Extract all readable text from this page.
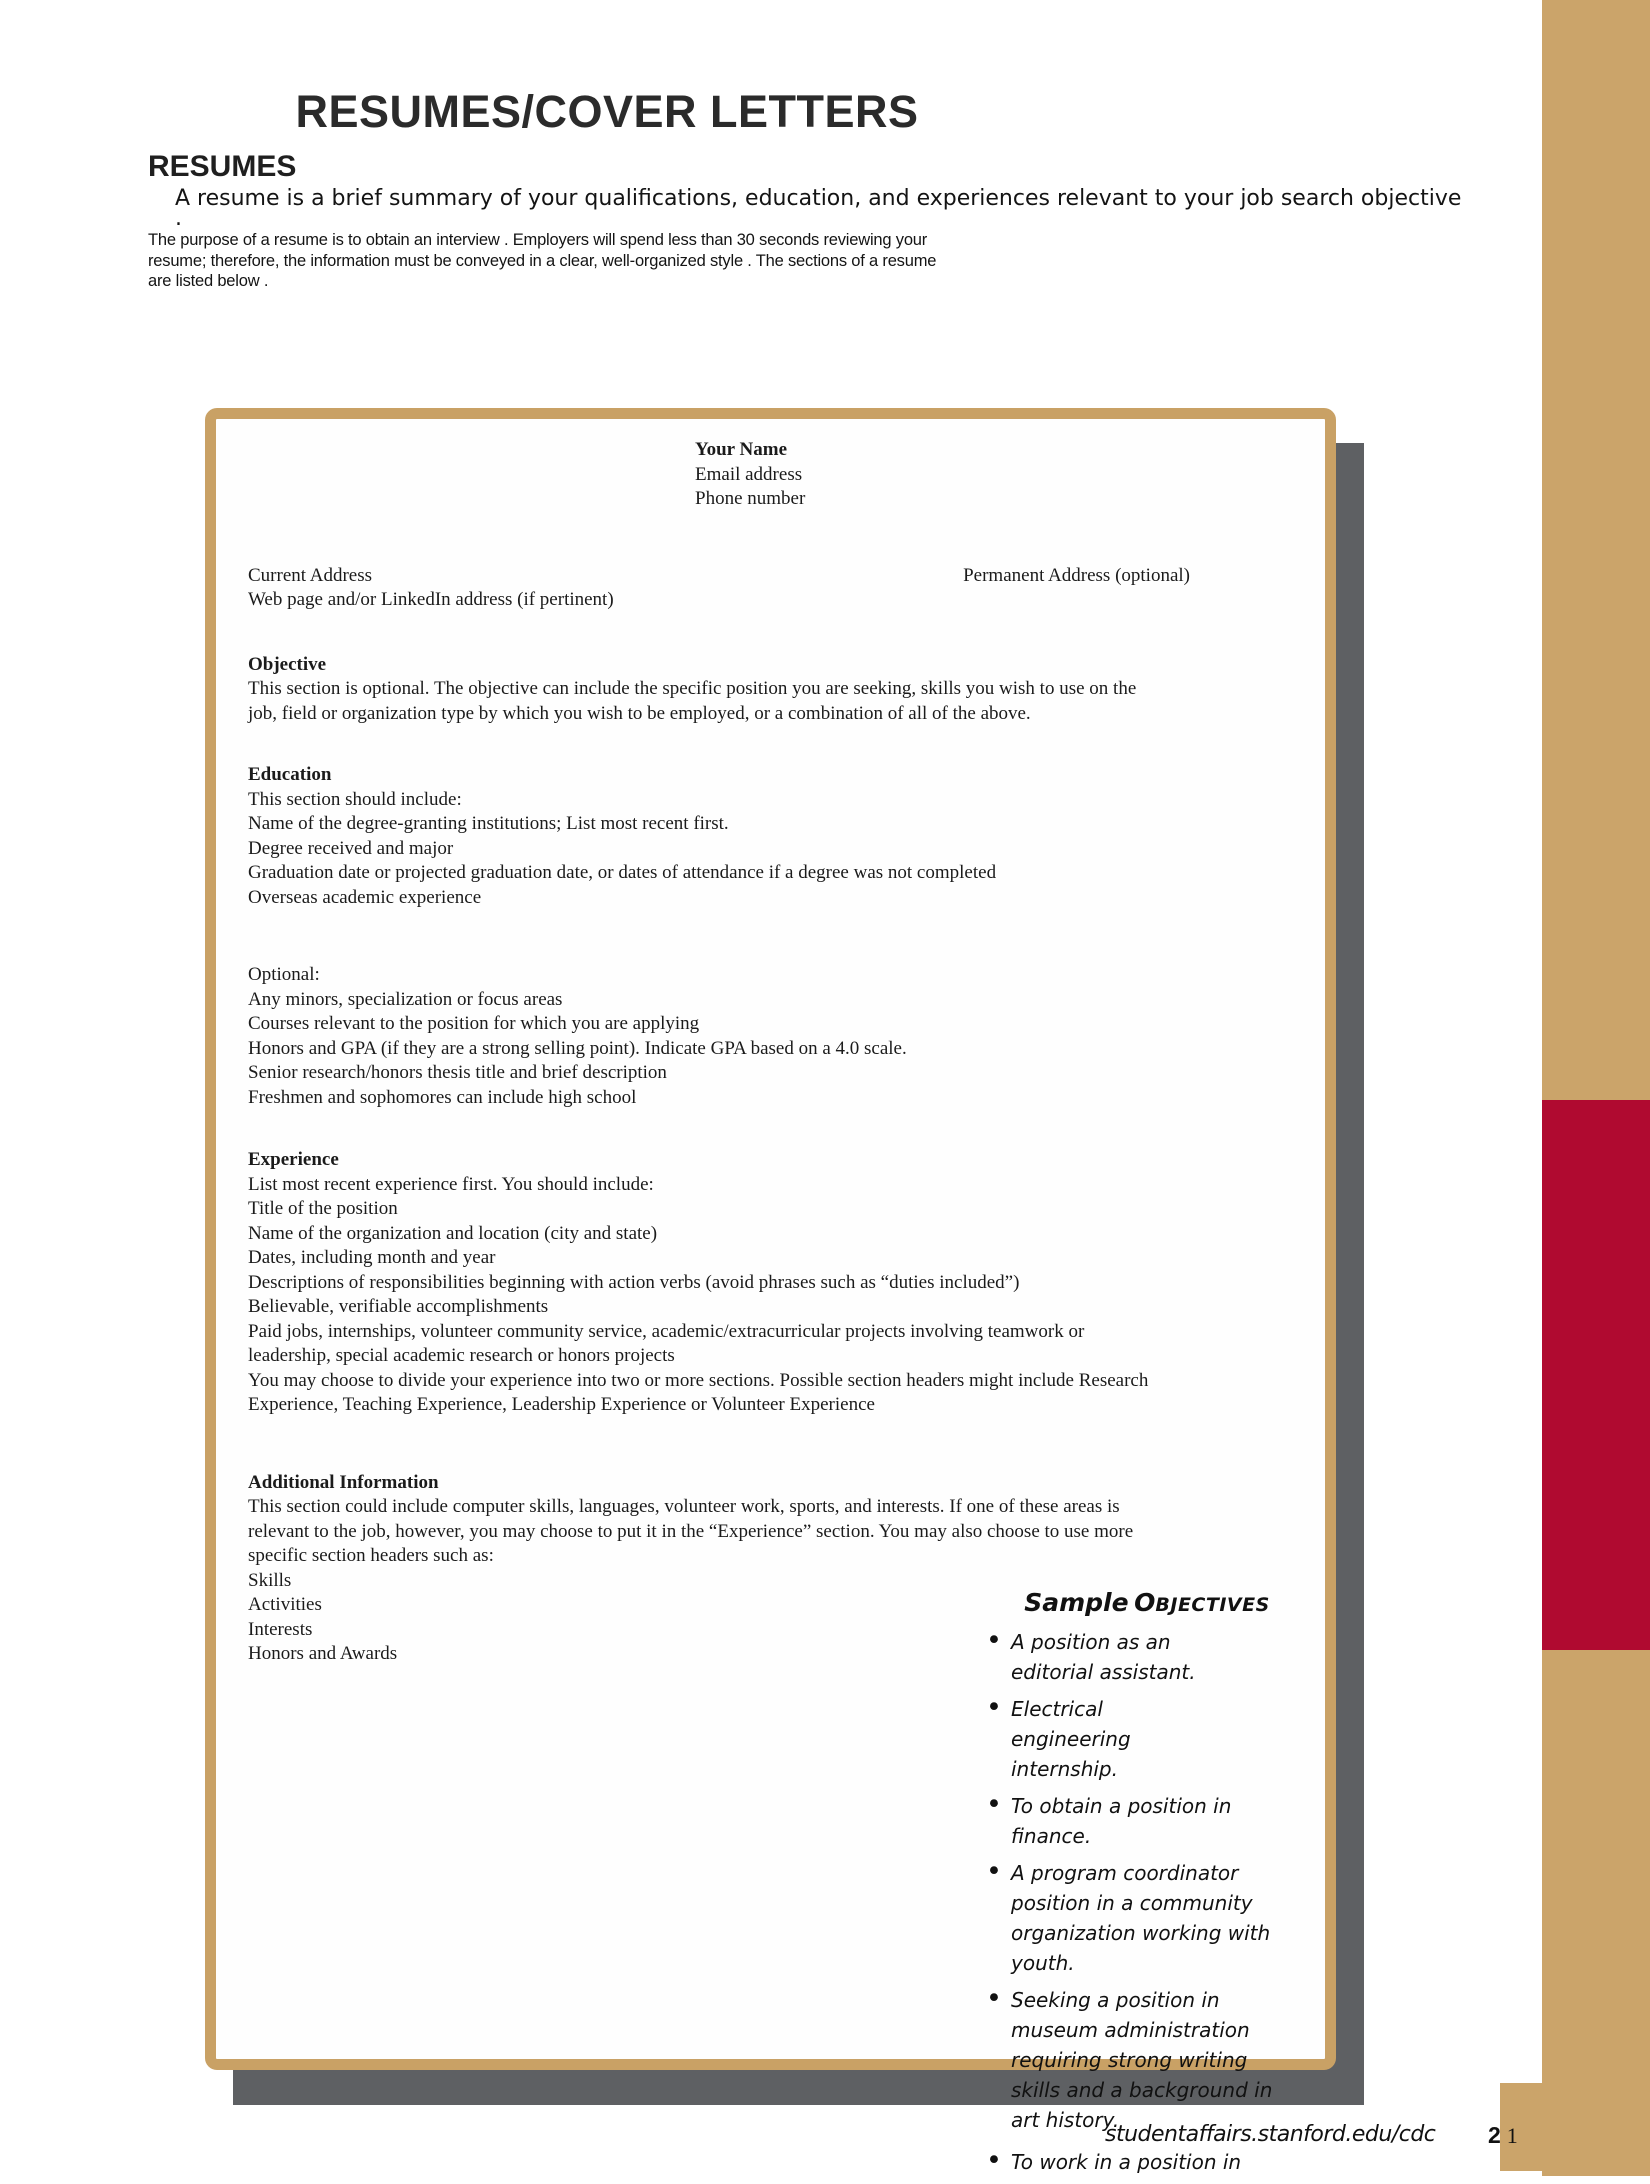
RESUMES/COVER LETTERS
RESUMES
A resume is a brief summary of your qualifications, education, and experiences relevant to your job search objective
.
The purpose of a resume is to obtain an interview . Employers will spend less than 30 seconds reviewing your
resume; therefore, the information must be conveyed in a clear, well-organized style . The sections of a resume
are listed below .
Your Name
Email address
Phone number
Current Address	Permanent Address (optional)
Web page and/or LinkedIn address (if pertinent)
Objective
This section is optional. The objective can include the specific position you are seeking, skills you wish to use on the
job, field or organization type by which you wish to be employed, or a combination of all of the above.
Education
This section should include:
Name of the degree-granting institutions; List most recent first.
Degree received and major
Graduation date or projected graduation date, or dates of attendance if a degree was not completed
Overseas academic experience
Optional:
Any minors, specialization or focus areas
Courses relevant to the position for which you are applying
Honors and GPA (if they are a strong selling point). Indicate GPA based on a 4.0 scale.
Senior research/honors thesis title and brief description
Freshmen and sophomores can include high school
Experience
List most recent experience first. You should include:
Title of the position
Name of the organization and location (city and state)
Dates, including month and year
Descriptions of responsibilities beginning with action verbs (avoid phrases such as “duties included”)
Believable, verifiable accomplishments
Paid jobs, internships, volunteer community service, academic/extracurricular projects involving teamwork or
leadership, special academic research or honors projects
You may choose to divide your experience into two or more sections. Possible section headers might include Research
Experience, Teaching Experience, Leadership Experience or Volunteer Experience
Additional Information
This section could include computer skills, languages, volunteer work, sports, and interests. If one of these areas is
relevant to the job, however, you may choose to put it in the “Experience” section. You may also choose to use more
specific section headers such as:
Skills
Activities
Interests
Honors and Awards
Sample OBJECTIVES
• A position as an
editorial assistant.
• Electrical
engineering
internship.
• To obtain a position in
finance.
• A program coordinator
position in a community
organization working with
youth.
• Seeking a position in
museum administration
requiring strong writing
skills and a background in
art history.
• To work in a position in
studentaffairs.stanford.edu/cdc 2 1
